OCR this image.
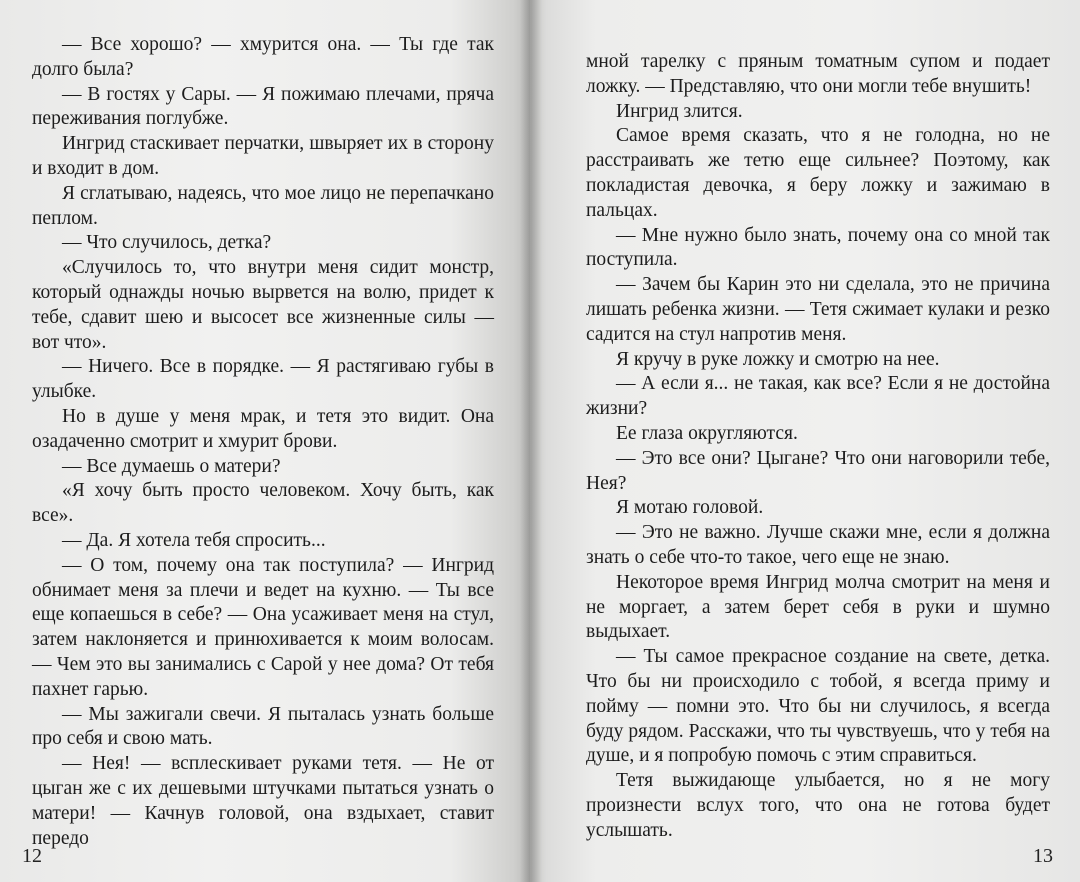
— Все хорошо? — хмурится она. — Ты где так долго была?

— В гостях у Сары. — Я пожимаю плечами, пряча переживания поглубже.

Ингрид стаскивает перчатки, швыряет их в сторону и входит в дом.

Я сглатываю, надеясь, что мое лицо не перепачкано пеплом.

— Что случилось, детка?

«Случилось то, что внутри меня сидит монстр, который однажды ночью вырвется на волю, придет к тебе, сдавит шею и высосет все жизненные силы — вот что».

— Ничего. Все в порядке. — Я растягиваю губы в улыбке.

Но в душе у меня мрак, и тетя это видит. Она озадаченно смотрит и хмурит брови.

— Все думаешь о матери?

«Я хочу быть просто человеком. Хочу быть, как все».

— Да. Я хотела тебя спросить...

— О том, почему она так поступила? — Ингрид обнимает меня за плечи и ведет на кухню. — Ты все еще копаешься в себе? — Она усаживает меня на стул, затем наклоняется и принюхивается к моим волосам. — Чем это вы занимались с Сарой у нее дома? От тебя пахнет гарью.

— Мы зажигали свечи. Я пыталась узнать больше про себя и свою мать.

— Нея! — всплескивает руками тетя. — Не от цыган же с их дешевыми штучками пытаться узнать о матери! — Качнув головой, она вздыхает, ставит передо

12

мной тарелку с пряным томатным супом и подает ложку. — Представляю, что они могли тебе внушить!

Ингрид злится.

Самое время сказать, что я не голодна, но не расстраивать же тетю еще сильнее? Поэтому, как покладистая девочка, я беру ложку и зажимаю в пальцах.

— Мне нужно было знать, почему она со мной так поступила.

— Зачем бы Карин это ни сделала, это не причина лишать ребенка жизни. — Тетя сжимает кулаки и резко садится на стул напротив меня.

Я кручу в руке ложку и смотрю на нее.

— А если я... не такая, как все? Если я не достойна жизни?

Ее глаза округляются.

— Это все они? Цыгане? Что они наговорили тебе, Нея?

Я мотаю головой.

— Это не важно. Лучше скажи мне, если я должна знать о себе что-то такое, чего еще не знаю.

Некоторое время Ингрид молча смотрит на меня и не моргает, а затем берет себя в руки и шумно выдыхает.

— Ты самое прекрасное создание на свете, детка. Что бы ни происходило с тобой, я всегда приму и пойму — помни это. Что бы ни случилось, я всегда буду рядом. Расскажи, что ты чувствуешь, что у тебя на душе, и я попробую помочь с этим справиться.

Тетя выжидающе улыбается, но я не могу произнести вслух того, что она не готова будет услышать.

13
